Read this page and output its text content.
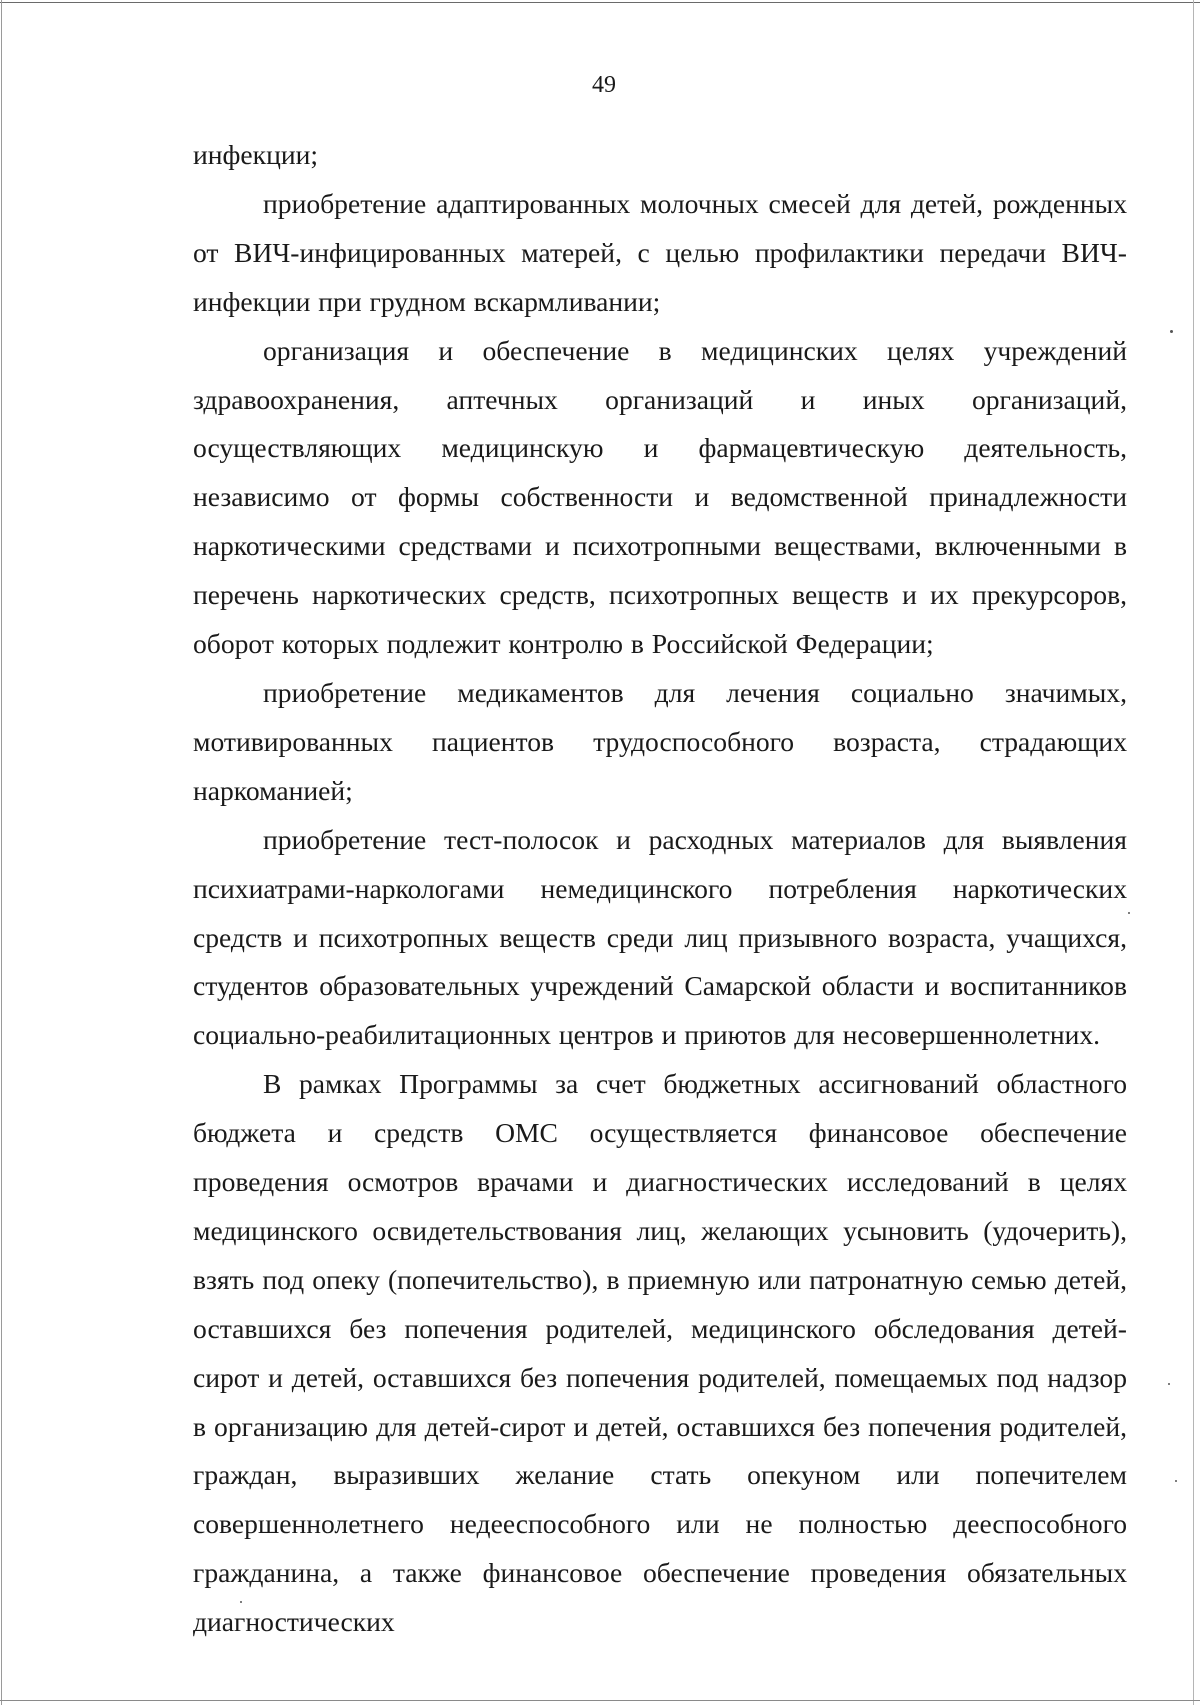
49

инфекции;

приобретение адаптированных молочных смесей для детей, рожденных от ВИЧ-инфицированных матерей, с целью профилактики передачи ВИЧ-инфекции при грудном вскармливании;

организация и обеспечение в медицинских целях учреждений здравоохранения, аптечных организаций и иных организаций, осуществляющих медицинскую и фармацевтическую деятельность, независимо от формы собственности и ведомственной принадлежности наркотическими средствами и психотропными веществами, включенными в перечень наркотических средств, психотропных веществ и их прекурсоров, оборот которых подлежит контролю в Российской Федерации;

приобретение медикаментов для лечения социально значимых, мотивированных пациентов трудоспособного возраста, страдающих наркоманией;

приобретение тест-полосок и расходных материалов для выявления психиатрами-наркологами немедицинского потребления наркотических средств и психотропных веществ среди лиц призывного возраста, учащихся, студентов образовательных учреждений Самарской области и воспитанников социально-реабилитационных центров и приютов для несовершеннолетних.

В рамках Программы за счет бюджетных ассигнований областного бюджета и средств ОМС осуществляется финансовое обеспечение проведения осмотров врачами и диагностических исследований в целях медицинского освидетельствования лиц, желающих усыновить (удочерить), взять под опеку (попечительство), в приемную или патронатную семью детей, оставшихся без попечения родителей, медицинского обследования детей-сирот и детей, оставшихся без попечения родителей, помещаемых под надзор в организацию для детей-сирот и детей, оставшихся без попечения родителей, граждан, выразивших желание стать опекуном или попечителем совершеннолетнего недееспособного или не полностью дееспособного гражданина, а также финансовое обеспечение проведения обязательных диагностических
